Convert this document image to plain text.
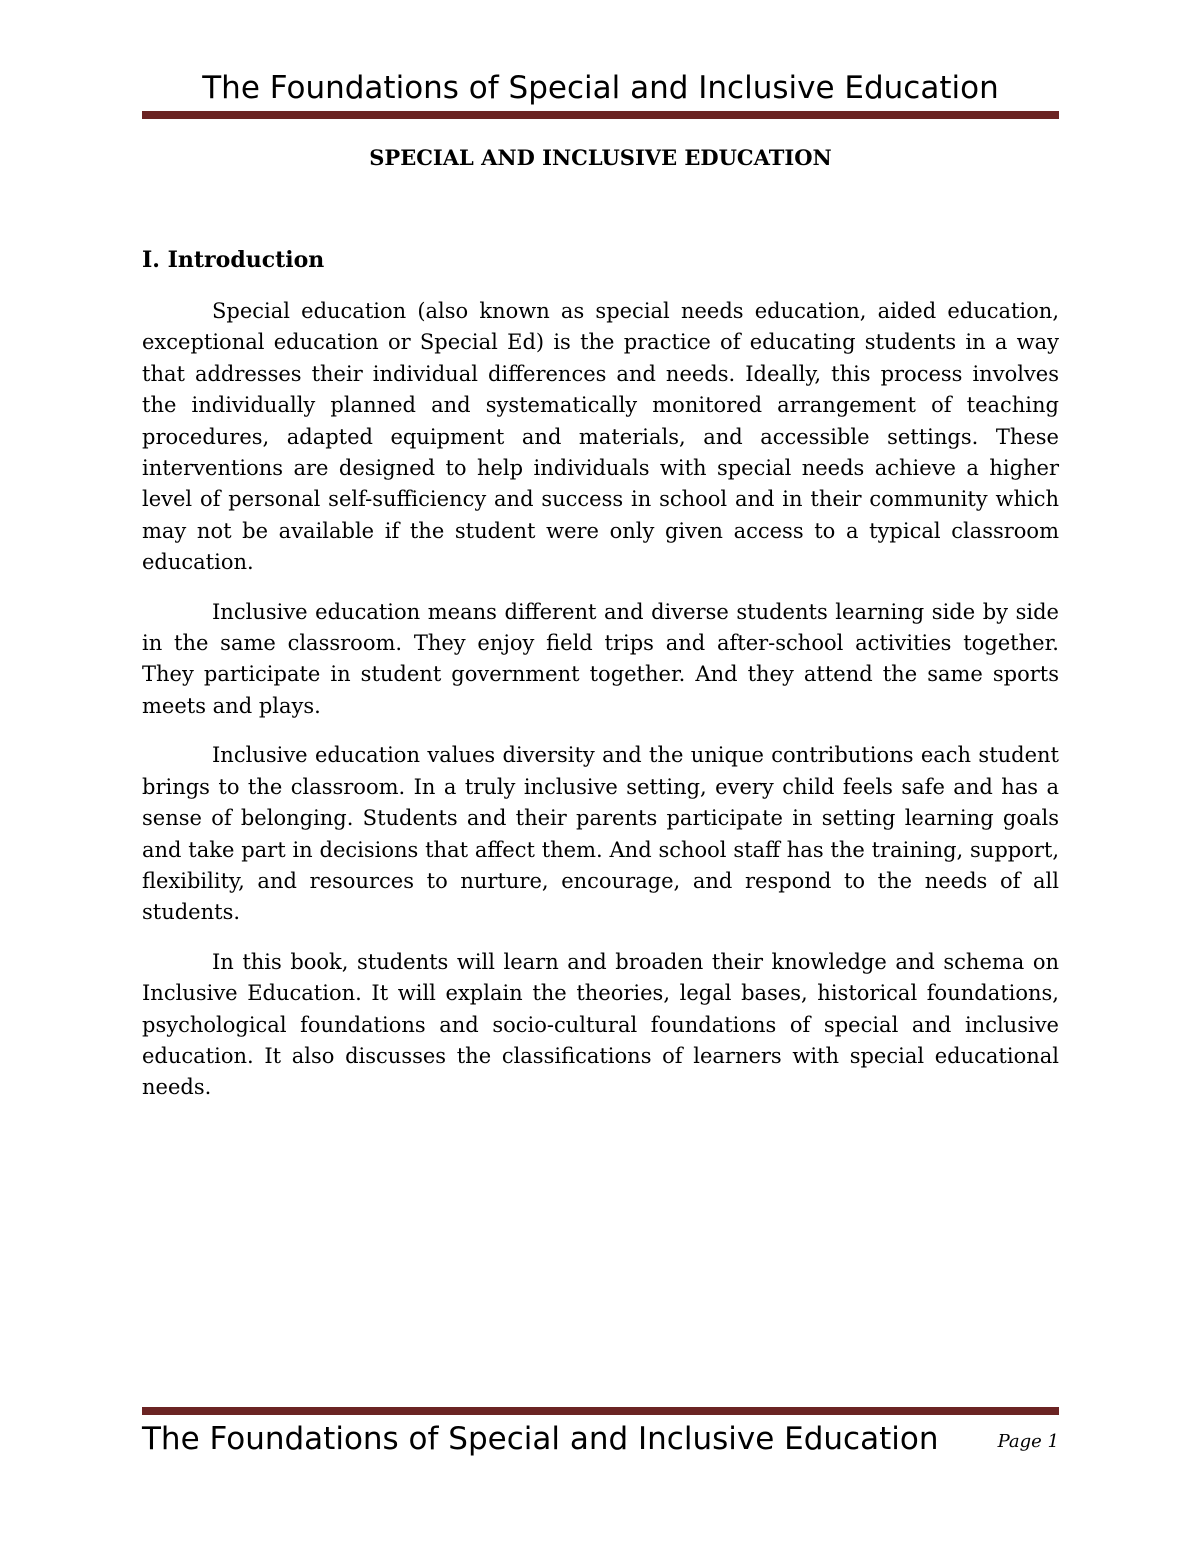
The Foundations of Special and Inclusive Education
SPECIAL AND INCLUSIVE EDUCATION
I. Introduction

Special education (also known as special needs education, aided education, exceptional education or Special Ed) is the practice of educating students in a way that addresses their individual differences and needs. Ideally, this process involves the individually planned and systematically monitored arrangement of teaching procedures, adapted equipment and materials, and accessible settings. These interventions are designed to help individuals with special needs achieve a higher level of personal self-sufficiency and success in school and in their community which may not be available if the student were only given access to a typical classroom education.

Inclusive education means different and diverse students learning side by side in the same classroom. They enjoy field trips and after-school activities together. They participate in student government together. And they attend the same sports meets and plays.

Inclusive education values diversity and the unique contributions each student brings to the classroom. In a truly inclusive setting, every child feels safe and has a sense of belonging. Students and their parents participate in setting learning goals and take part in decisions that affect them. And school staff has the training, support, flexibility, and resources to nurture, encourage, and respond to the needs of all students.

In this book, students will learn and broaden their knowledge and schema on Inclusive Education. It will explain the theories, legal bases, historical foundations, psychological foundations and socio-cultural foundations of special and inclusive education. It also discusses the classifications of learners with special educational needs.

The Foundations of Special and Inclusive Education	Page 1
